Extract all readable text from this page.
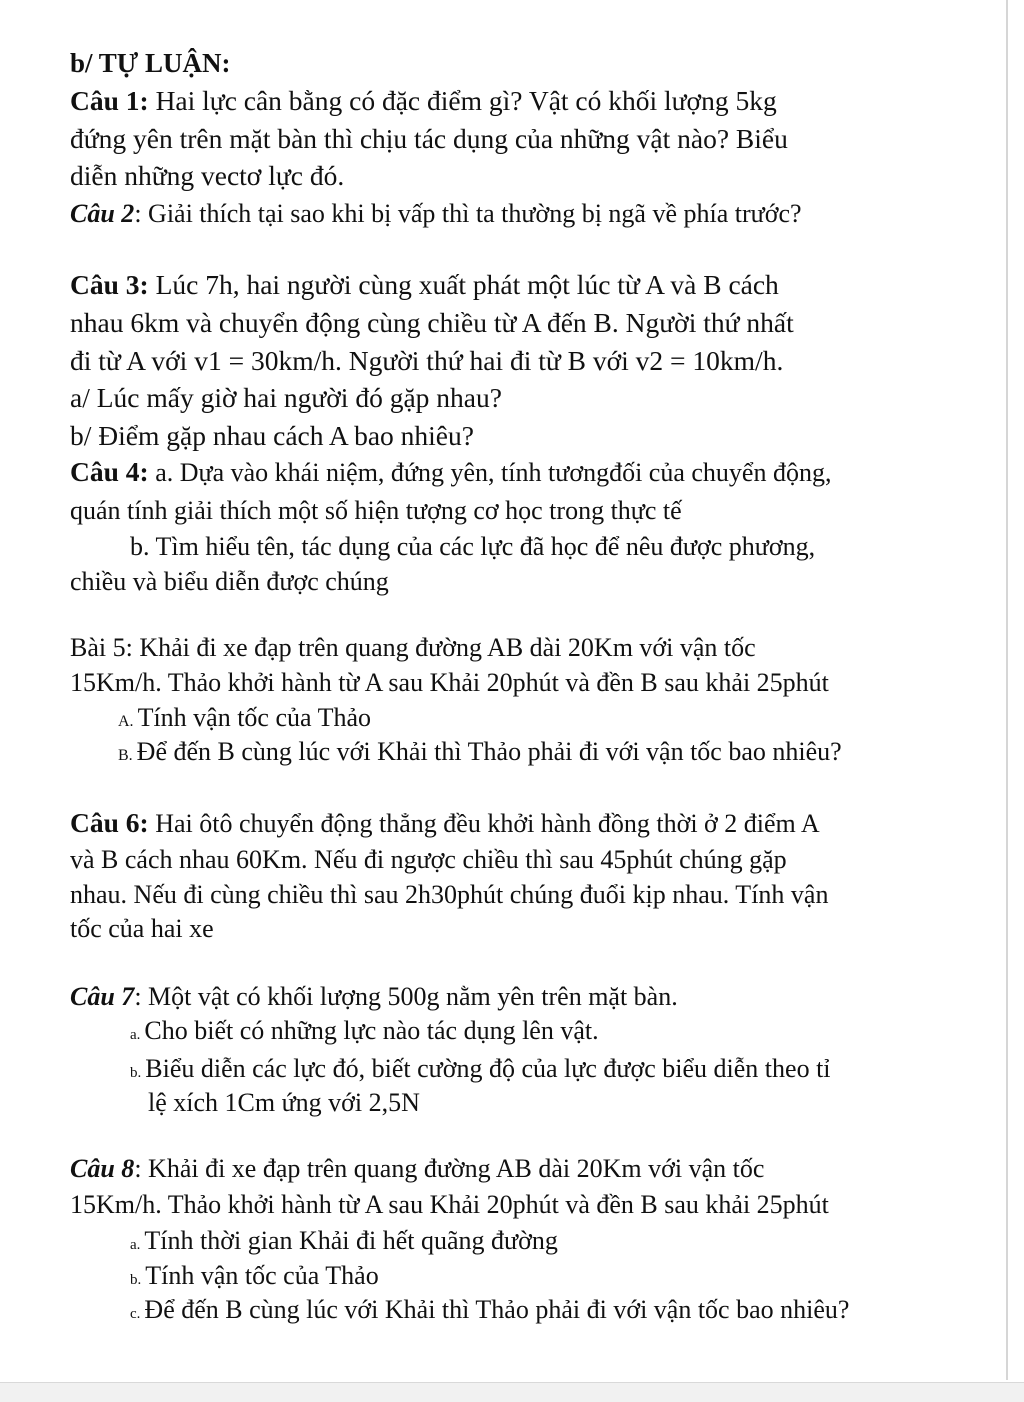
b/ TỰ LUẬN:
Câu 1: Hai lực cân bằng có đặc điểm gì? Vật có khối lượng 5kg
đứng yên trên mặt bàn thì chịu tác dụng của những vật nào? Biểu
diễn những vectơ lực đó.
Câu 2: Giải thích tại sao khi bị vấp thì ta thường bị ngã về phía trước?
Câu 3: Lúc 7h, hai người cùng xuất phát một lúc từ A và B cách
nhau 6km và chuyển động cùng chiều từ A đến B. Người thứ nhất
đi từ A với v1 = 30km/h. Người thứ hai đi từ B với v2 = 10km/h.
a/ Lúc mấy giờ hai người đó gặp nhau?
b/ Điểm gặp nhau cách A bao nhiêu?
Câu 4: a. Dựa vào khái niệm, đứng yên, tính tươngđối của chuyển động,
quán tính giải thích một số hiện tượng cơ học trong thực tế
b. Tìm hiểu tên, tác dụng của các lực đã học để nêu được phương,
chiều và biểu diễn được chúng
Bài 5: Khải đi xe đạp trên quang đường AB dài 20Km với vận tốc
15Km/h. Thảo khởi hành từ A sau Khải 20phút và đền B sau khải 25phút
A. Tính vận tốc của Thảo
B. Để đến B cùng lúc với Khải thì Thảo phải đi với vận tốc bao nhiêu?
Câu 6: Hai ôtô chuyển động thẳng đều khởi hành đồng thời ở 2 điểm A
và B cách nhau 60Km. Nếu đi ngược chiều thì sau 45phút chúng gặp
nhau. Nếu đi cùng chiều thì sau 2h30phút chúng đuổi kịp nhau. Tính vận
tốc của hai xe
Câu 7: Một vật có khối lượng 500g nằm yên trên mặt bàn.
a. Cho biết có những lực nào tác dụng lên vật.
b. Biểu diễn các lực đó, biết cường độ của lực được biểu diễn theo tỉ
lệ xích 1Cm ứng với 2,5N
Câu 8: Khải đi xe đạp trên quang đường AB dài 20Km với vận tốc
15Km/h. Thảo khởi hành từ A sau Khải 20phút và đền B sau khải 25phút
a. Tính thời gian Khải đi hết quãng đường
b. Tính vận tốc của Thảo
c. Để đến B cùng lúc với Khải thì Thảo phải đi với vận tốc bao nhiêu?
